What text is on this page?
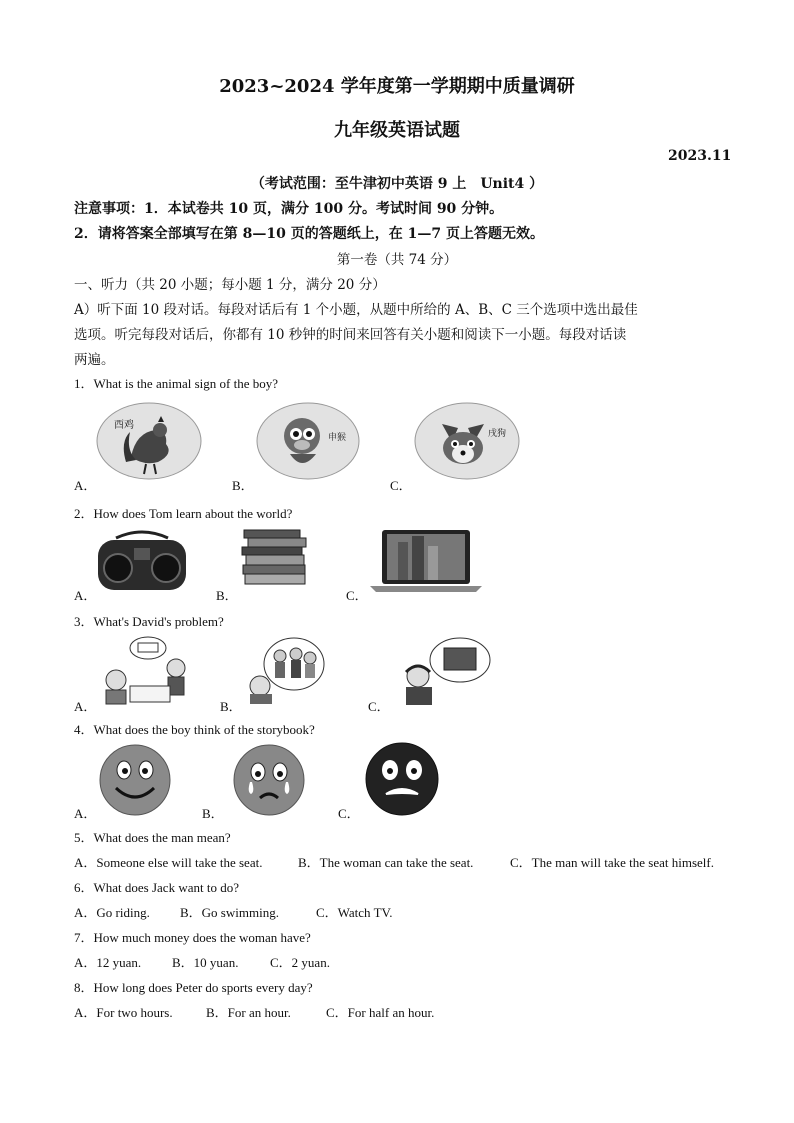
2023~2024 学年度第一学期期中质量调研
九年级英语试题
2023.11
（考试范围：至牛津初中英语 9 上　Unit4 ）
注意事项：1．本试卷共 10 页，满分 100 分。考试时间 90 分钟。
2．请将答案全部填写在第 8—10 页的答题纸上，在 1—7 页上答题无效。
第一卷（共 74 分）
一、听力（共 20 小题；每小题 1 分，满分 20 分）
A）听下面 10 段对话。每段对话后有 1 个小题，从题中所给的 A、B、C 三个选项中选出最佳
选项。听完每段对话后，你都有 10 秒钟的时间来回答有关小题和阅读下一小题。每段对话读
两遍。
1．What is the animal sign of the boy?
酉鸡
申猴	戌狗
A．	B．	C．
2．How does Tom learn about the world?
A．	B．	C．
3．What's David's problem?
A．	B．	C．
4．What does the boy think of the storybook?
A．	B．	C．
5．What does the man mean?
A．Someone else will take the seat.	B．The woman can take the seat.	C．The man will take the seat himself.
6．What does Jack want to do?
A．Go riding. B．Go swimming.	C．Watch TV.
7．How much money does the woman have?
A．12 yuan. B．10 yuan. C．2 yuan.
8．How long does Peter do sports every day?
A．For two hours.	B．For an hour.	C．For half an hour.
